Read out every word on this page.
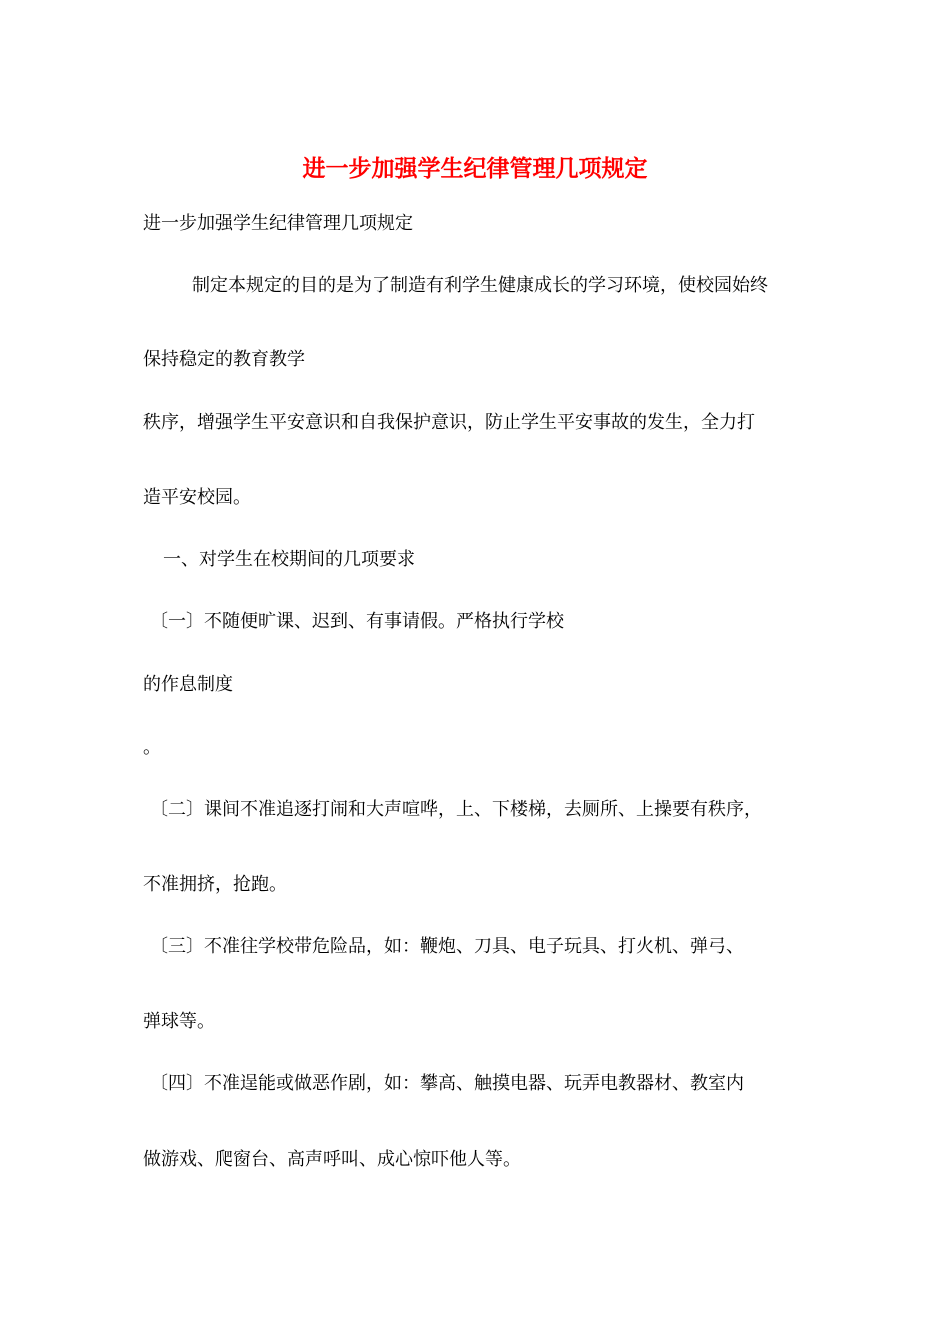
进一步加强学生纪律管理几项规定

进一步加强学生纪律管理几项规定

制定本规定的目的是为了制造有利学生健康成长的学习环境，使校园始终

保持稳定的教育教学

秩序，增强学生平安意识和自我保护意识，防止学生平安事故的发生，全力打

造平安校园。

一、对学生在校期间的几项要求

〔一〕不随便旷课、迟到、有事请假。严格执行学校

的作息制度

。

〔二〕课间不准追逐打闹和大声喧哗，上、下楼梯，去厕所、上操要有秩序，

不准拥挤，抢跑。

〔三〕不准往学校带危险品，如：鞭炮、刀具、电子玩具、打火机、弹弓、

弹球等。

〔四〕不准逞能或做恶作剧，如：攀高、触摸电器、玩弄电教器材、教室内

做游戏、爬窗台、高声呼叫、成心惊吓他人等。
